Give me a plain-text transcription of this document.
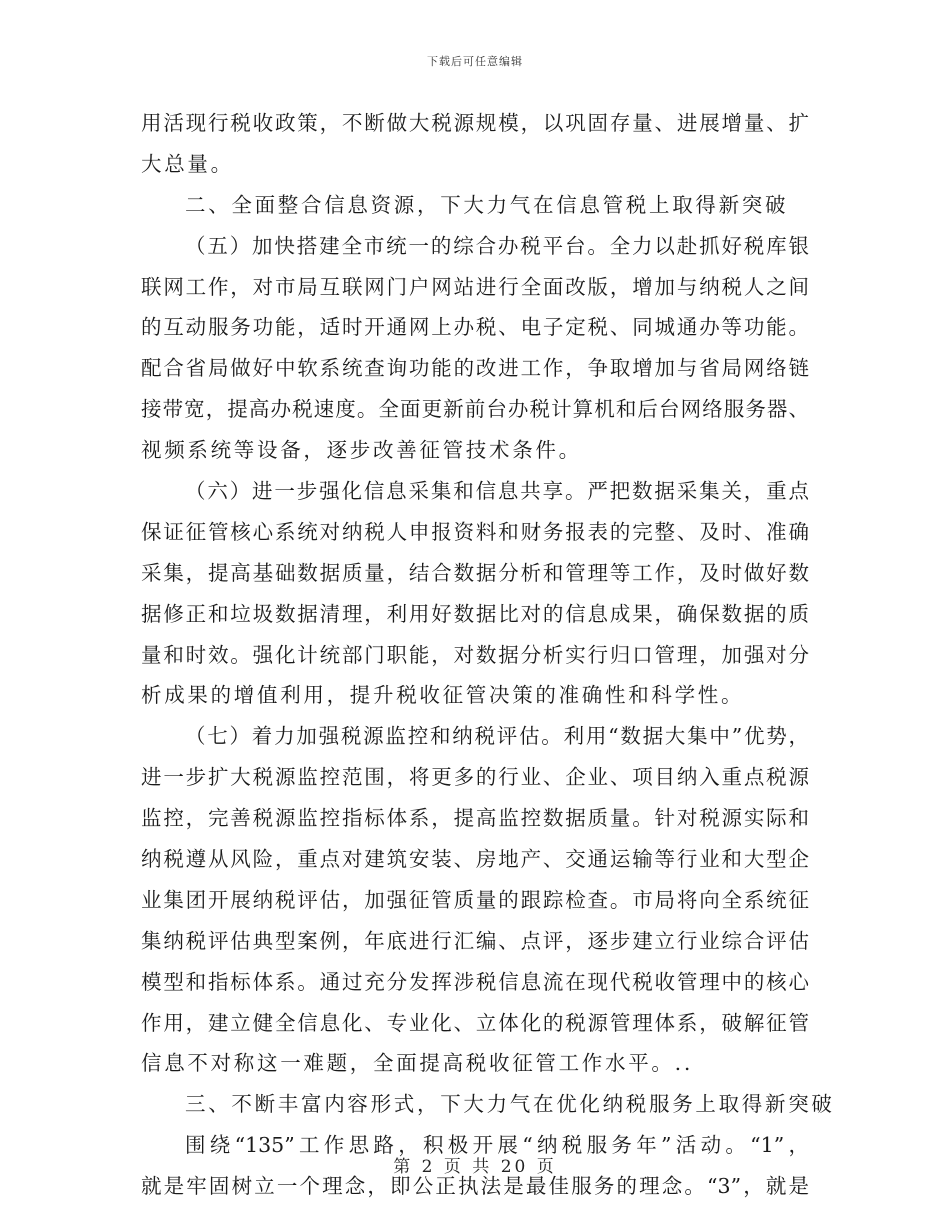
下载后可任意编辑
用活现行税收政策，不断做大税源规模，以巩固存量、进展增量、扩
大总量。
二、全面整合信息资源，下大力气在信息管税上取得新突破
（五）加快搭建全市统一的综合办税平台。全力以赴抓好税库银
联网工作，对市局互联网门户网站进行全面改版，增加与纳税人之间
的互动服务功能，适时开通网上办税、电子定税、同城通办等功能。
配合省局做好中软系统查询功能的改进工作，争取增加与省局网络链
接带宽，提高办税速度。全面更新前台办税计算机和后台网络服务器、
视频系统等设备，逐步改善征管技术条件。
（六）进一步强化信息采集和信息共享。严把数据采集关，重点
保证征管核心系统对纳税人申报资料和财务报表的完整、及时、准确
采集，提高基础数据质量，结合数据分析和管理等工作，及时做好数
据修正和垃圾数据清理，利用好数据比对的信息成果，确保数据的质
量和时效。强化计统部门职能，对数据分析实行归口管理，加强对分
析成果的增值利用，提升税收征管决策的准确性和科学性。
（七）着力加强税源监控和纳税评估。利用“数据大集中”优势，
进一步扩大税源监控范围，将更多的行业、企业、项目纳入重点税源
监控，完善税源监控指标体系，提高监控数据质量。针对税源实际和
纳税遵从风险，重点对建筑安装、房地产、交通运输等行业和大型企
业集团开展纳税评估，加强征管质量的跟踪检查。市局将向全系统征
集纳税评估典型案例，年底进行汇编、点评，逐步建立行业综合评估
模型和指标体系。通过充分发挥涉税信息流在现代税收管理中的核心
作用，建立健全信息化、专业化、立体化的税源管理体系，破解征管
信息不对称这一难题，全面提高税收征管工作水平。..
三、不断丰富内容形式，下大力气在优化纳税服务上取得新突破
围绕“135”工作思路，积极开展“纳税服务年”活动。“1”，
就是牢固树立一个理念，即公正执法是最佳服务的理念。“3”，就是
第 2 页 共 20 页
